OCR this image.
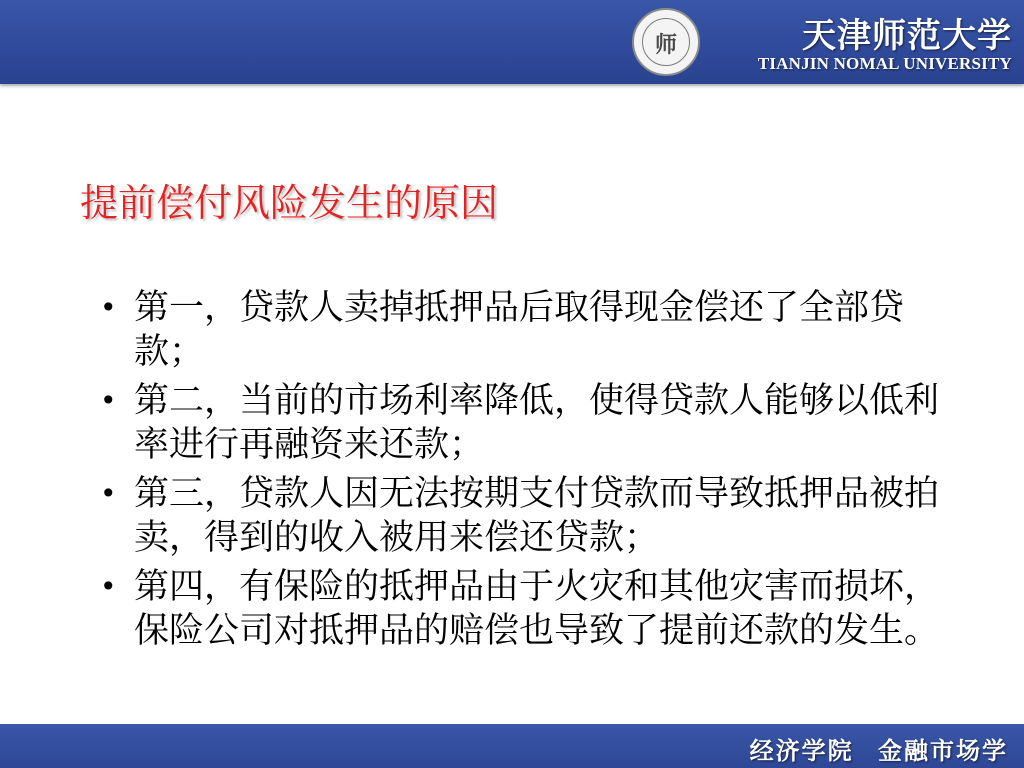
师	天津师范大学
TIANJIN NOMAL UNIVERSITY
提前偿付风险发生的原因
• 第一，贷款人卖掉抵押品后取得现金偿还了全部贷款；
• 第二，当前的市场利率降低，使得贷款人能够以低利率进行再融资来还款；
• 第三，贷款人因无法按期支付贷款而导致抵押品被拍卖，得到的收入被用来偿还贷款；
• 第四，有保险的抵押品由于火灾和其他灾害而损坏，保险公司对抵押品的赔偿也导致了提前还款的发生。
经济学院 金融市场学
